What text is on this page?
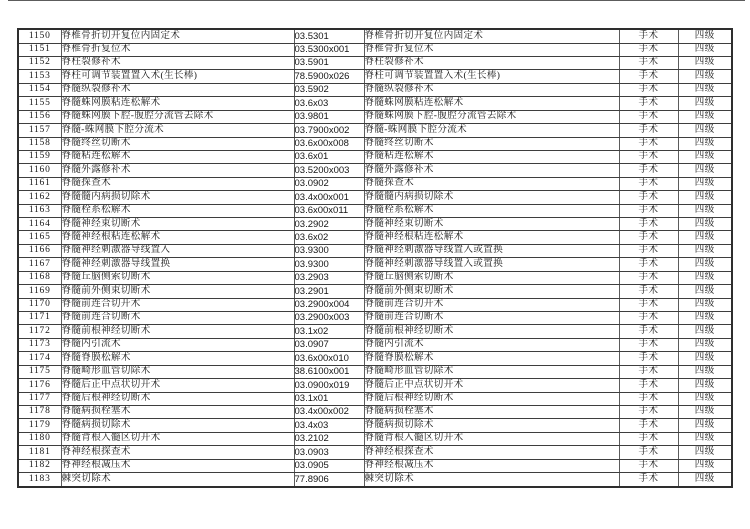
1150	脊椎骨折切开复位内固定术	03.5301	脊椎骨折切开复位内固定术	手术	四级
1151	脊椎骨折复位术	03.5300x001	脊椎骨折复位术	手术	四级
1152	脊柱裂修补术	03.5901	脊柱裂修补术	手术	四级
1153	脊柱可调节装置置入术(生长棒)	78.5900x026	脊柱可调节装置置入术(生长棒)	手术	四级
1154	脊髓纵裂修补术	03.5902	脊髓纵裂修补术	手术	四级
1155	脊髓蛛网膜粘连松解术	03.6x03	脊髓蛛网膜粘连松解术	手术	四级
1156	脊髓蛛网膜下腔-腹腔分流管去除术	03.9801	脊髓蛛网膜下腔-腹腔分流管去除术	手术	四级
1157	脊髓-蛛网膜下腔分流术	03.7900x002	脊髓-蛛网膜下腔分流术	手术	四级
1158	脊髓终丝切断术	03.6x00x008	脊髓终丝切断术	手术	四级
1159	脊髓粘连松解术	03.6x01	脊髓粘连松解术	手术	四级
1160	脊髓外露修补术	03.5200x003	脊髓外露修补术	手术	四级
1161	脊髓探查术	03.0902	脊髓探查术	手术	四级
1162	脊髓髓内病损切除术	03.4x00x001	脊髓髓内病损切除术	手术	四级
1163	脊髓栓系松解术	03.6x00x011	脊髓栓系松解术	手术	四级
1164	脊髓神经束切断术	03.2902	脊髓神经束切断术	手术	四级
1165	脊髓神经根粘连松解术	03.6x02	脊髓神经根粘连松解术	手术	四级
1166	脊髓神经刺激器导线置入	03.9300	脊髓神经刺激器导线置入或置换	手术	四级
1167	脊髓神经刺激器导线置换	03.9300	脊髓神经刺激器导线置入或置换	手术	四级
1168	脊髓丘脑侧索切断术	03.2903	脊髓丘脑侧索切断术	手术	四级
1169	脊髓前外侧束切断术	03.2901	脊髓前外侧束切断术	手术	四级
1170	脊髓前连合切开术	03.2900x004	脊髓前连合切开术	手术	四级
1171	脊髓前连合切断术	03.2900x003	脊髓前连合切断术	手术	四级
1172	脊髓前根神经切断术	03.1x02	脊髓前根神经切断术	手术	四级
1173	脊髓内引流术	03.0907	脊髓内引流术	手术	四级
1174	脊髓脊膜松解术	03.6x00x010	脊髓脊膜松解术	手术	四级
1175	脊髓畸形血管切除术	38.6100x001	脊髓畸形血管切除术	手术	四级
1176	脊髓后正中点状切开术	03.0900x019	脊髓后正中点状切开术	手术	四级
1177	脊髓后根神经切断术	03.1x01	脊髓后根神经切断术	手术	四级
1178	脊髓病损栓塞术	03.4x00x002	脊髓病损栓塞术	手术	四级
1179	脊髓病损切除术	03.4x03	脊髓病损切除术	手术	四级
1180	脊髓背根入髓区切开术	03.2102	脊髓背根入髓区切开术	手术	四级
1181	脊神经根探查术	03.0903	脊神经根探查术	手术	四级
1182	脊神经根减压术	03.0905	脊神经根减压术	手术	四级
1183	棘突切除术	77.8906	棘突切除术	手术	四级
